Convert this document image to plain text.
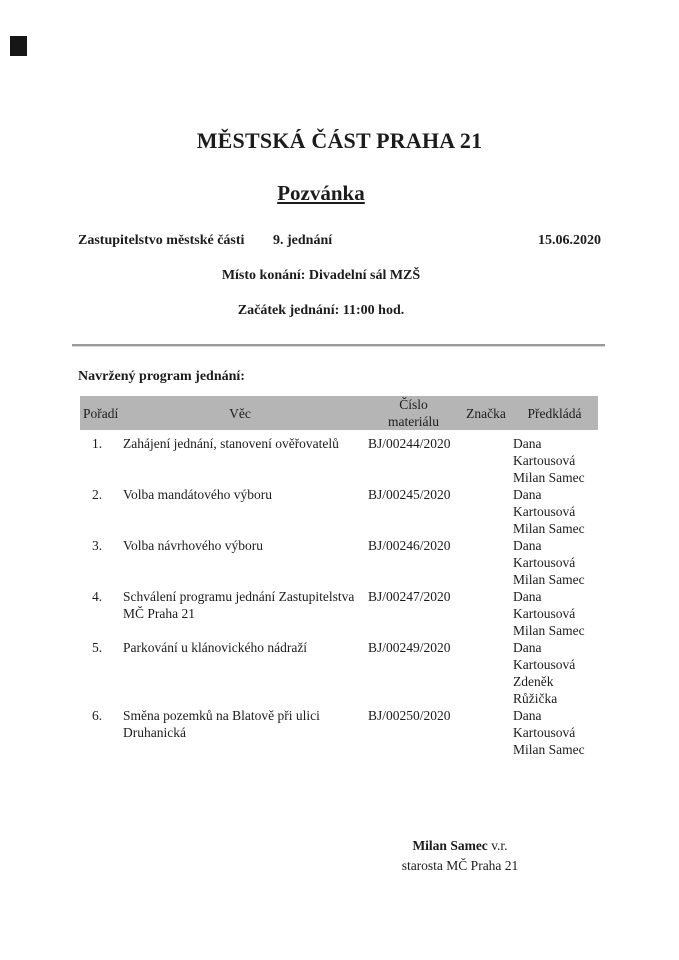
MĚSTSKÁ ČÁST PRAHA 21
Pozvánka
Zastupitelstvo městské části 9. jednání	15.06.2020
Místo konání: Divadelní sál MZŠ
Začátek jednání: 11:00 hod.
Navržený program jednání:
Pořadí	Věc	Číslo materiálu	Značka	Předkládá
1.	Zahájení jednání, stanovení ověřovatelů	BJ/00244/2020		Dana Kartousová
Milan Samec

2.	Volba mandátového výboru	BJ/00245/2020		Dana Kartousová
Milan Samec

3.	Volba návrhového výboru	BJ/00246/2020		Dana Kartousová
Milan Samec

4.	Schválení programu jednání Zastupitelstva MČ Praha 21	BJ/00247/2020		Dana Kartousová
Milan Samec

5.	Parkování u klánovického nádraží	BJ/00249/2020		Dana Kartousová
Zdeněk Růžička

6.	Směna pozemků na Blatově při ulici Druhanická	BJ/00250/2020		Dana Kartousová
Milan Samec
Milan Samec v.r.
starosta MČ Praha 21
